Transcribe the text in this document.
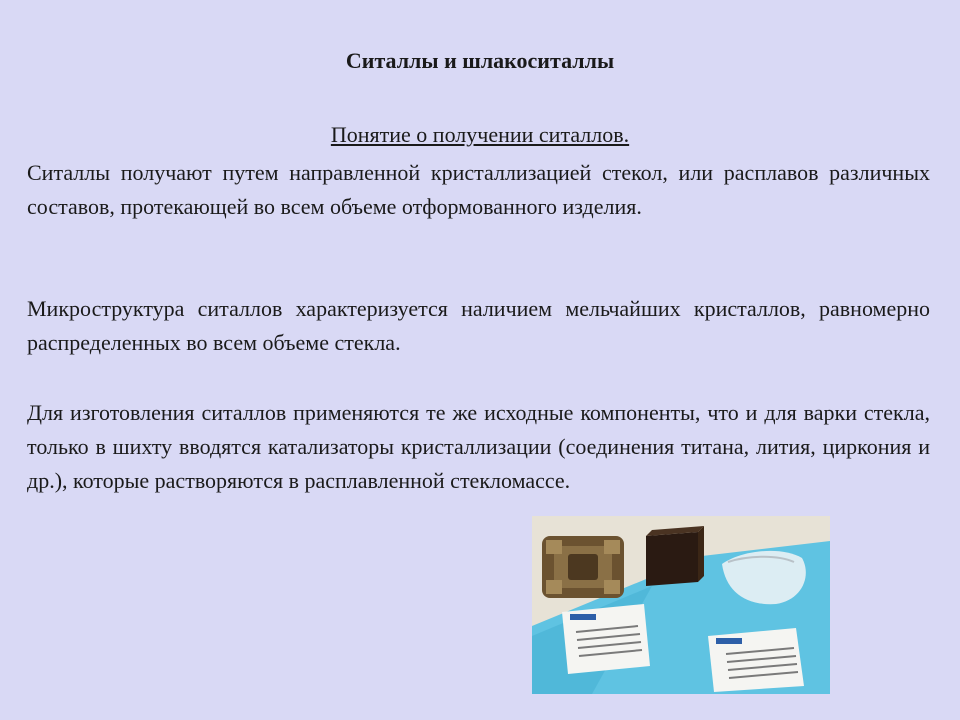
Ситаллы и шлакоситаллы
Понятие о получении ситаллов.
Ситаллы получают путем направленной кристаллизацией стекол, или расплавов различных составов, протекающей во всем объеме отформованного изделия.
Микроструктура ситаллов характеризуется наличием мельчайших кристаллов, равномерно распределенных во всем объеме стекла.
Для изготовления ситаллов применяются те же исходные компоненты, что и для варки стекла, только в шихту вводятся катализаторы кристаллизации (соединения титана, лития, циркония и др.), которые растворяются в расплавленной стекломассе.
